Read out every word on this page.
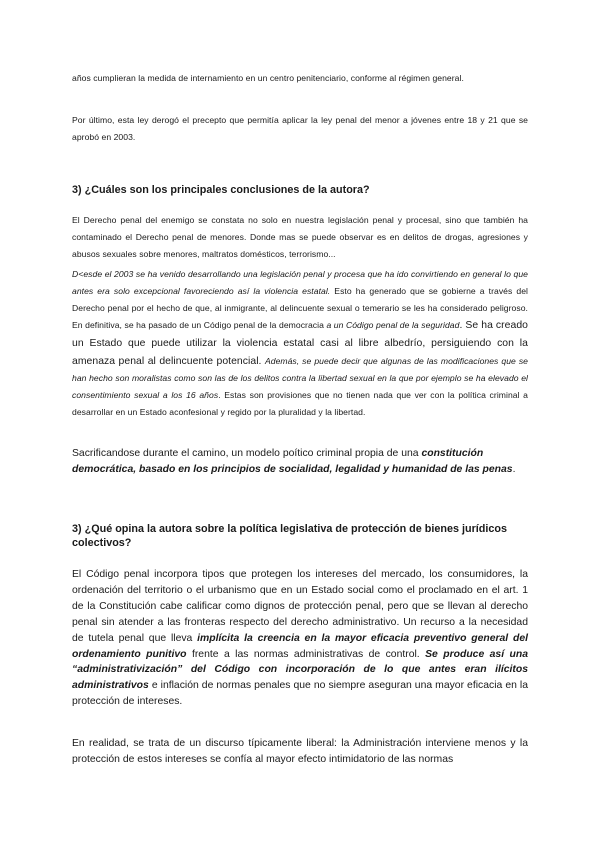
años cumplieran la medida de internamiento en un centro penitenciario, conforme al régimen general.

Por último, esta ley derogó el precepto que permitía aplicar la ley penal del menor a jóvenes entre 18 y 21 que se aprobó en 2003.

3) ¿Cuáles son los principales conclusiones de la autora?

El Derecho penal del enemigo se constata no solo en nuestra legislación penal y procesal, sino que también ha contaminado el Derecho penal de menores. Donde mas se puede observar es en delitos de drogas, agresiones y abusos sexuales sobre menores, maltratos domésticos, terrorismo...

D<esde el 2003 se ha venido desarrollando una legislación penal y procesa que ha ido convirtiendo en general lo que antes era solo excepcional favoreciendo así la violencia estatal. Esto ha generado que se gobierne a través del Derecho penal por el hecho de que, al inmigrante, al delincuente sexual o temerario se les ha considerado peligroso. En definitiva, se ha pasado de un Código penal de la democracia a un Código penal de la seguridad. Se ha creado un Estado que puede utilizar la violencia estatal casi al libre albedrío, persiguiendo con la amenaza penal al delincuente potencial. Además, se puede decir que algunas de las modificaciones que se han hecho son moralistas como son las de los delitos contra la libertad sexual en la que por ejemplo se ha elevado el consentimiento sexual a los 16 años. Estas son provisiones que no tienen nada que ver con la política criminal a desarrollar en un Estado aconfesional y regido por la pluralidad y la libertad.

Sacrificandose durante el camino, un modelo poítico criminal propia de una constitución democrática, basado en los principios de socialidad, legalidad y humanidad de las penas.

3) ¿Qué opina la autora sobre la política legislativa de protección de bienes jurídicos colectivos?

El Código penal incorpora tipos que protegen los intereses del mercado, los consumidores, la ordenación del territorio o el urbanismo que en un Estado social como el proclamado en el art. 1 de la Constitución cabe calificar como dignos de protección penal, pero que se llevan al derecho penal sin atender a las fronteras respecto del derecho administrativo. Un recurso a la necesidad de tutela penal que lleva implícita la creencia en la mayor eficacia preventivo general del ordenamiento punitivo frente a las normas administrativas de control. Se produce así una “administrativización” del Código con incorporación de lo que antes eran ilícitos administrativos e inflación de normas penales que no siempre aseguran una mayor eficacia en la protección de intereses.

En realidad, se trata de un discurso típicamente liberal: la Administración interviene menos y la protección de estos intereses se confía al mayor efecto intimidatorio de las normas
